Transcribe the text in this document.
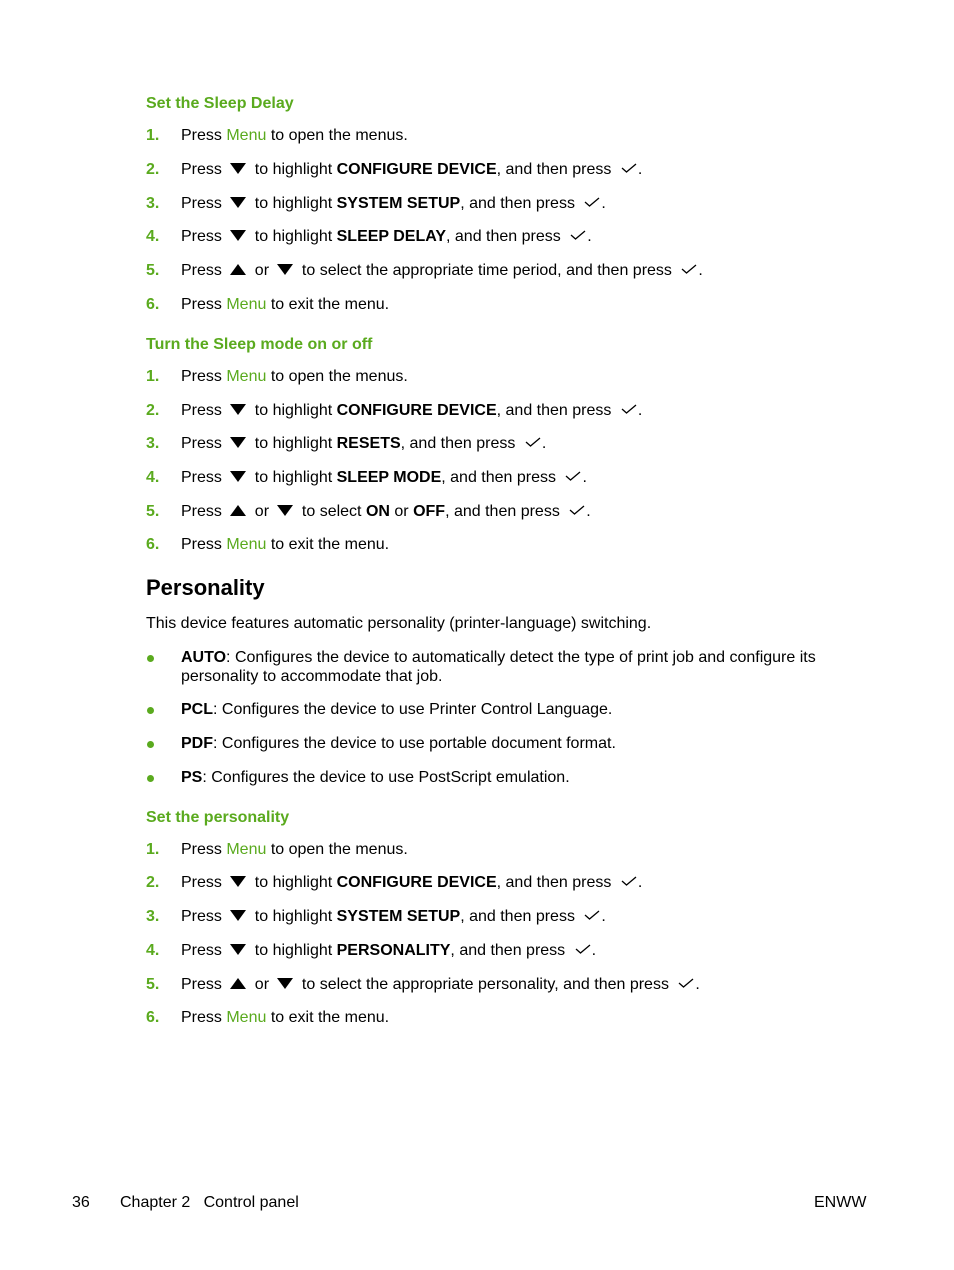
Set the Sleep Delay
1.	Press Menu to open the menus.
2.	Press
to highlight CONFIGURE DEVICE, and then press
.
3.	Press
to highlight SYSTEM SETUP, and then press
.
4.	Press
to highlight SLEEP DELAY, and then press
.
5.	Press
or
to select the appropriate time period, and then press
.
6.	Press Menu to exit the menu.
Turn the Sleep mode on or off
1.	Press Menu to open the menus.
2.	Press
to highlight CONFIGURE DEVICE, and then press
.
3.	Press
to highlight RESETS, and then press
.
4.	Press
to highlight SLEEP MODE, and then press
.
5.	Press
or
to select ON or OFF, and then press
.
6.	Press Menu to exit the menu.
Personality

This device features automatic personality (printer-language) switching.

AUTO: Configures the device to automatically detect the type of print job and configure its personality to accommodate that job.
PCL: Configures the device to use Printer Control Language.
PDF: Configures the device to use portable document format.
PS: Configures the device to use PostScript emulation.
Set the personality
1.	Press Menu to open the menus.
2.	Press
to highlight CONFIGURE DEVICE, and then press
.
3.	Press
to highlight SYSTEM SETUP, and then press
.
4.	Press
to highlight PERSONALITY, and then press
.
5.	Press
or
to select the appropriate personality, and then press
.
6.	Press Menu to exit the menu.
36 Chapter 2   Control panel	ENWW
